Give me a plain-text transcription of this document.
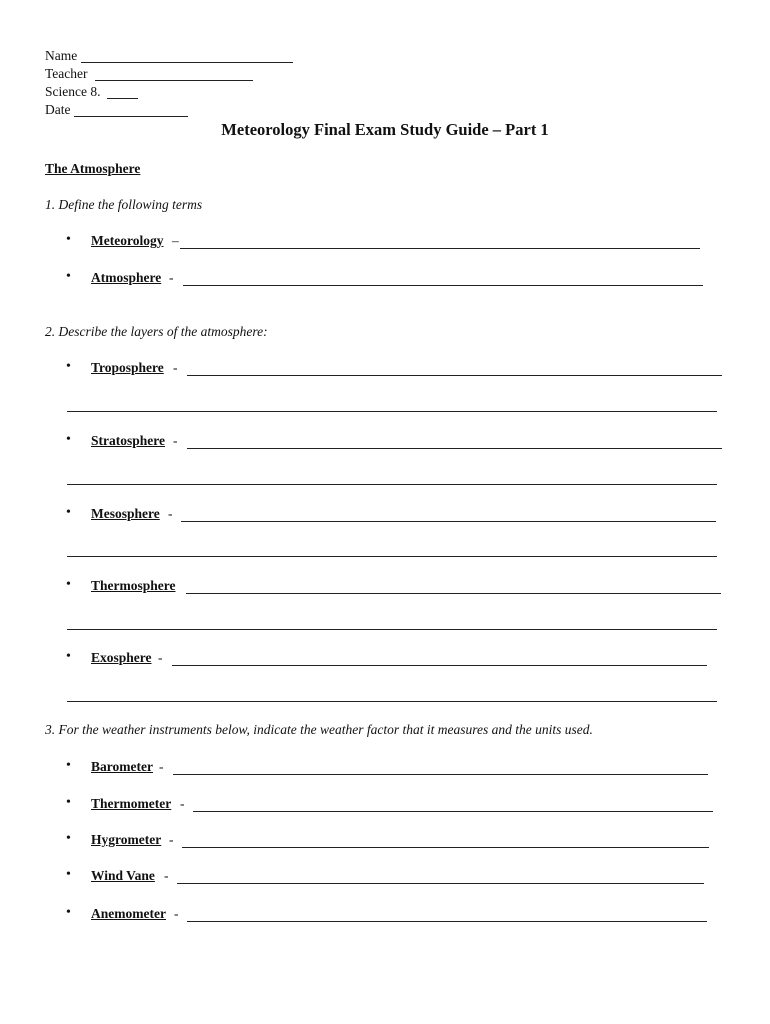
Name
Teacher
Science 8.
Date
Meteorology Final Exam Study Guide – Part 1
The Atmosphere
1. Define the following terms
• Meteorology –
• Atmosphere -
2. Describe the layers of the atmosphere:
• Troposphere -
• Stratosphere -
• Mesosphere -
• Thermosphere
• Exosphere -
3. For the weather instruments below, indicate the weather factor that it measures and the units used.
• Barometer -
• Thermometer -
• Hygrometer -
• Wind Vane -
• Anemometer -
